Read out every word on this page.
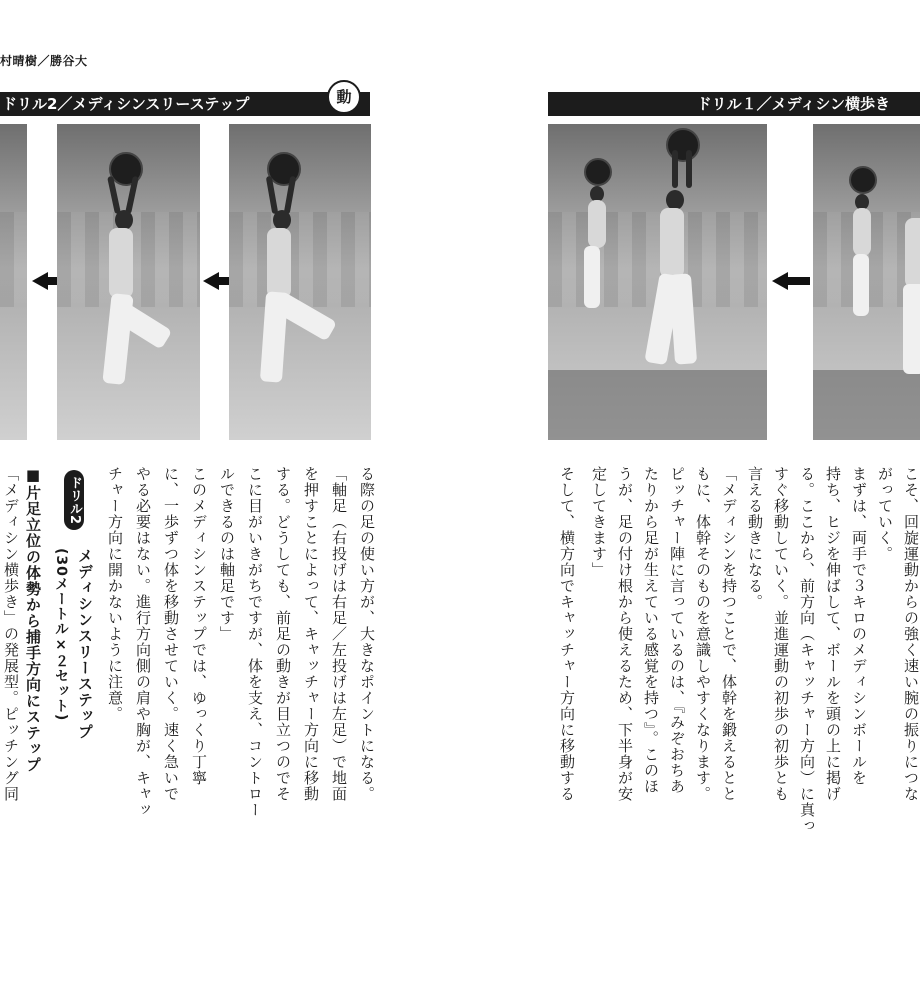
村晴樹／勝谷大
ドリル2／メディシンスリーステップ	動	ドリル１／メディシン横歩き
る際の足の使い方が、大きなポイントになる。
「軸足（右投げは右足／左投げは左足）で地面
を押すことによって、キャッチャー方向に移動
する。どうしても、前足の動きが目立つのでそ
こに目がいきがちですが、体を支え、コントロー
ルできるのは軸足です」
このメディシンステップでは、ゆっくり丁寧
に、一歩ずつ体を移動させていく。速く急いで
やる必要はない。進行方向側の肩や胸が、キャッ
チャー方向に開かないように注意。
ドリル2
メディシンスリーステップ
(30メートル×２セット)
■片足立位の体勢から捕手方向にステップ
「メディシン横歩き」の発展型。ピッチング同	こそ、回旋運動からの強く速い腕の振りにつな
がっていく。
まずは、両手で３キロのメディシンボールを
持ち、ヒジを伸ばして、ボールを頭の上に掲げ
る。ここから、前方向（キャッチャー方向）に真っ
すぐ移動していく。並進運動の初歩の初歩とも
言える動きになる。
「メディシンを持つことで、体幹を鍛えるとと
もに、体幹そのものを意識しやすくなります。
ピッチャー陣に言っているのは、『みぞおちあ
たりから足が生えている感覚を持つ』。このほ
うが、足の付け根から使えるため、下半身が安
定してきます」
そして、横方向でキャッチャー方向に移動する
